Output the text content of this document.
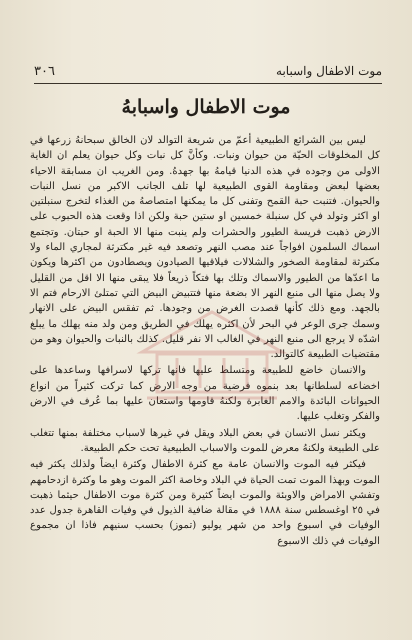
موت الاطفال واسبابه
٣٠٦
موت الاطفال واسبابهُ

ليس بين الشرائع الطبيعية أعمّ من شريعة التوالد لان الخالق سبحانهُ زرعها في كل المخلوقات الحيّة من حيوان ونبات. وكأنَّ كل نبات وكل حيوان يعلم ان الغاية الاولى من وجوده في هذه الدنيا قيامهُ بها جهدهُ. ومن الغريب ان مسابقة الاحياء بعضها لبعض ومقاومة القوى الطبيعية لها تلف الجانب الاكبر من نسل النبات والحيوان. فتنبت حبة القمح وتفنى كل ما يمكنها امتصاصهُ من الغذاء لتخرج سنبلتين او اكثر وتولد في كل سنبلة خمسين او ستين حبة ولكن اذا وقعت هذه الحبوب على الارض ذهبت فريسة الطيور والحشرات ولم ينبت منها الا الحبة او حبتان. وتجتمع اسماك السلمون افواجاً عند مصب النهر وتصعد فيه غير مكترثة لمجاري الماء ولا مكترثة لمقاومة الصخور والشلالات فيلاقيها الصيادون ويصطادون من اكثرها ويكون ما اعدّها من الطيور والاسماك وتلك بها فتكاً ذريعاً فلا يبقى منها الا اقل من القليل ولا يصل منها الى منبع النهر الا بضعة منها فتتبيض البيض التي تمتلئ الارحام فتم الا بالجهد. ومع ذلك كأنها قصدت الغرض من وجودها. ثم تفقس البيض على الانهار وسمك جرى الوعر في البحر لأن اكثره يهلك في الطريق ومن ولد منه يهلك ما يبلغ اشدّه لا يرجع الى منبع النهر في الغالب الا نفر قليل. كذلك بالنبات والحيوان وهو من مقتضيات الطبيعة كالتوالد.

والانسان خاضع للطبيعة ومتسلط عليها فانها تركها لاسرافها وساعدها على اخضاعه لسلطانها بعد بنموه فرضية من وجه الارض كما تركت كثيراً من انواع الحيوانات البائدة والامم الغابرة ولكنهُ قاومها واستعان عليها بما عُرف في الارض والفكر وتغلب عليها.

ويكثر نسل الانسان في بعض البلاد ويقل في غيرها لاسباب مختلفة بمنها تتغلب على الطبيعة ولكنهُ معرض للموت والاسباب الطبيعية تحت حكم الطبيعة.

فيكثر فيه الموت والانسان عامة مع كثرة الاطفال وكثرة ايضاً ولذلك يكثر فيه الموت وبهذا الموت تمت الحياة في البلاد وخاصة اكثر الموت وهو ما وكثرة ازدحامهم وتفشي الامراض والاوبئة والموت ايضاً كثيرة ومن كثرة موت الاطفال حيثما ذهبت في ٢٥ اوغسطس سنة ١٨٨٨ في مقالة ضافية الذيول في وفيات القاهرة جدول عدد الوفيات في اسبوع واحد من شهر يوليو (تموز) بحسب سنيهم فاذا ان مجموع الوفيات في ذلك الاسبوع
